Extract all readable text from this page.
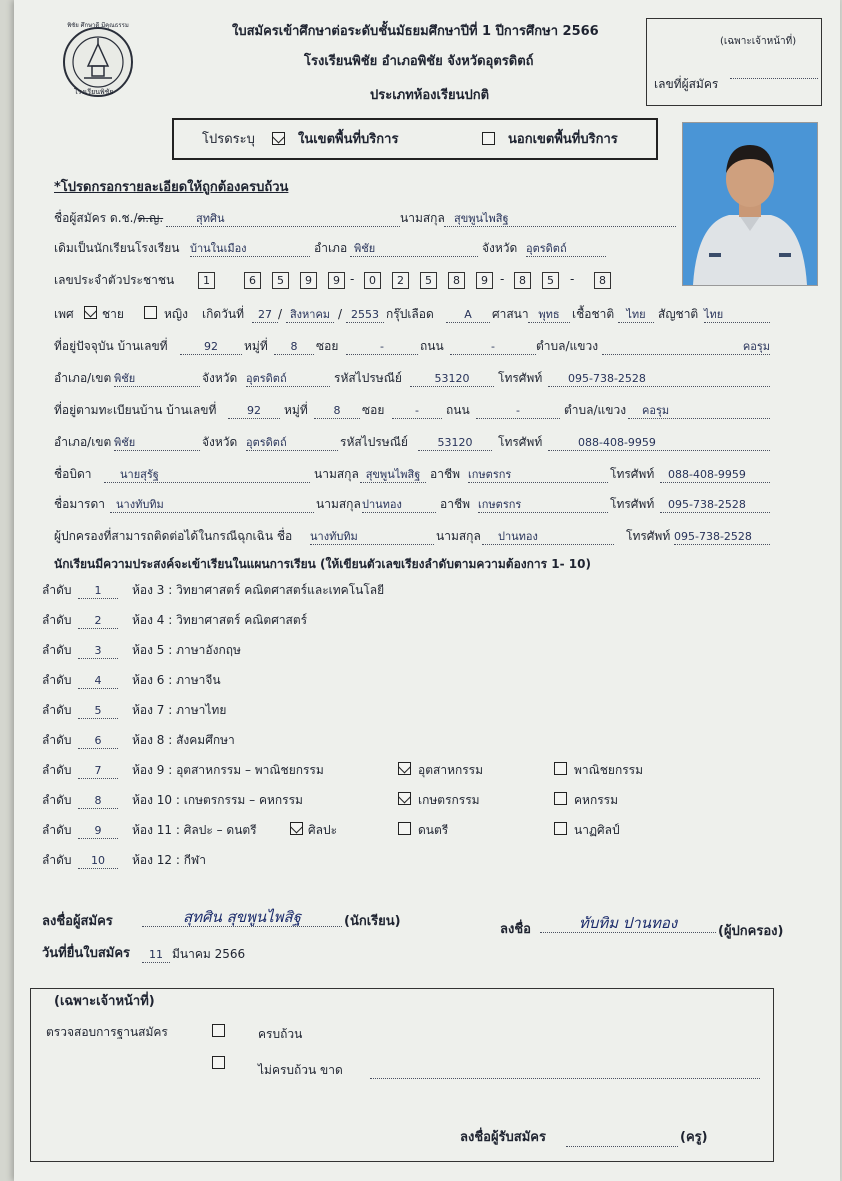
พิชัย ศึกษาดี มีคุณธรรม
โรงเรียนพิชัย
ใบสมัครเข้าศึกษาต่อระดับชั้นมัธยมศึกษาปีที่ 1 ปีการศึกษา 2566
โรงเรียนพิชัย อำเภอพิชัย จังหวัดอุตรดิตถ์
ประเภทห้องเรียนปกติ
(เฉพาะเจ้าหน้าที่)
เลขที่ผู้สมัคร
โปรดระบุ	ในเขตพื้นที่บริการ	นอกเขตพื้นที่บริการ
*โปรดกรอกรายละเอียดให้ถูกต้องครบถ้วน
ชื่อผู้สมัคร ด.ช./ด.ญ.	สุทศิน	นามสกุล สุขพูนไพสิฐ
เดิมเป็นนักเรียนโรงเรียน บ้านในเมือง	อำเภอ พิชัย	จังหวัด อุตรดิตถ์
เลขประจำตัวประชาชน	1	6	5	9	9	0	2	5	8	9	8	5	8
-	-	-
เพศ ชาย	หญิง เกิดวันที่	27 / สิงหาคม / 2553 กรุ๊ปเลือด	A	ศาสนา พุทธ	เชื้อชาติ	ไทย	สัญชาติ ไทย
ที่อยู่ปัจจุบัน บ้านเลขที่	92	หมู่ที่	8	ซอย	-	ถนน	-	ตำบล/แขวง	คอรุม
อำเภอ/เขต พิชัย	จังหวัด อุตรดิตถ์	รหัสไปรษณีย์	53120	โทรศัพท์	095-738-2528
ที่อยู่ตามทะเบียนบ้าน บ้านเลขที่	92	หมู่ที่	8	ซอย	-	ถนน	-	ตำบล/แขวง	คอรุม
อำเภอ/เขต พิชัย	จังหวัด อุตรดิตถ์	รหัสไปรษณีย์	53120	โทรศัพท์	088-408-9959
ชื่อบิดา	นายสุรัฐ	นามสกุล สุขพูนไพสิฐ อาชีพ เกษตรกร	โทรศัพท์	088-408-9959
ชื่อมารดา	นางทับทิม	นามสกุล ปานทอง	อาชีพ เกษตรกร	โทรศัพท์	095-738-2528
ผู้ปกครองที่สามารถติดต่อได้ในกรณีฉุกเฉิน ชื่อ นางทับทิม	นามสกุล	ปานทอง	โทรศัพท์ 095-738-2528
นักเรียนมีความประสงค์จะเข้าเรียนในแผนการเรียน (ให้เขียนตัวเลขเรียงลำดับตามความต้องการ 1- 10)
ลำดับ	1	ห้อง 3 : วิทยาศาสตร์ คณิตศาสตร์และเทคโนโลยี
ลำดับ	2	ห้อง 4 : วิทยาศาสตร์ คณิตศาสตร์
ลำดับ	3	ห้อง 5 : ภาษาอังกฤษ
ลำดับ	4	ห้อง 6 : ภาษาจีน
ลำดับ	5	ห้อง 7 : ภาษาไทย
ลำดับ	6	ห้อง 8 : สังคมศึกษา
ลำดับ	7	ห้อง 9 : อุตสาหกรรม – พาณิชยกรรม	อุตสาหกรรม	พาณิชยกรรม
ลำดับ	8	ห้อง 10 : เกษตรกรรม – คหกรรม	เกษตรกรรม	คหกรรม
ลำดับ	9	ห้อง 11 : ศิลปะ – ดนตรี	ศิลปะ	ดนตรี	นาฏศิลป์
ลำดับ	10	ห้อง 12 : กีฬา
ลงชื่อผู้สมัคร	สุทศิน สุขพูนไพสิฐ	(นักเรียน)
ลงชื่อ	ทับทิม ปานทอง	(ผู้ปกครอง)
วันที่ยื่นใบสมัคร	11 มีนาคม 2566
(เฉพาะเจ้าหน้าที่)
ตรวจสอบการฐานสมัคร	ครบถ้วน
ไม่ครบถ้วน ขาด
ลงชื่อผู้รับสมัคร	(ครู)
